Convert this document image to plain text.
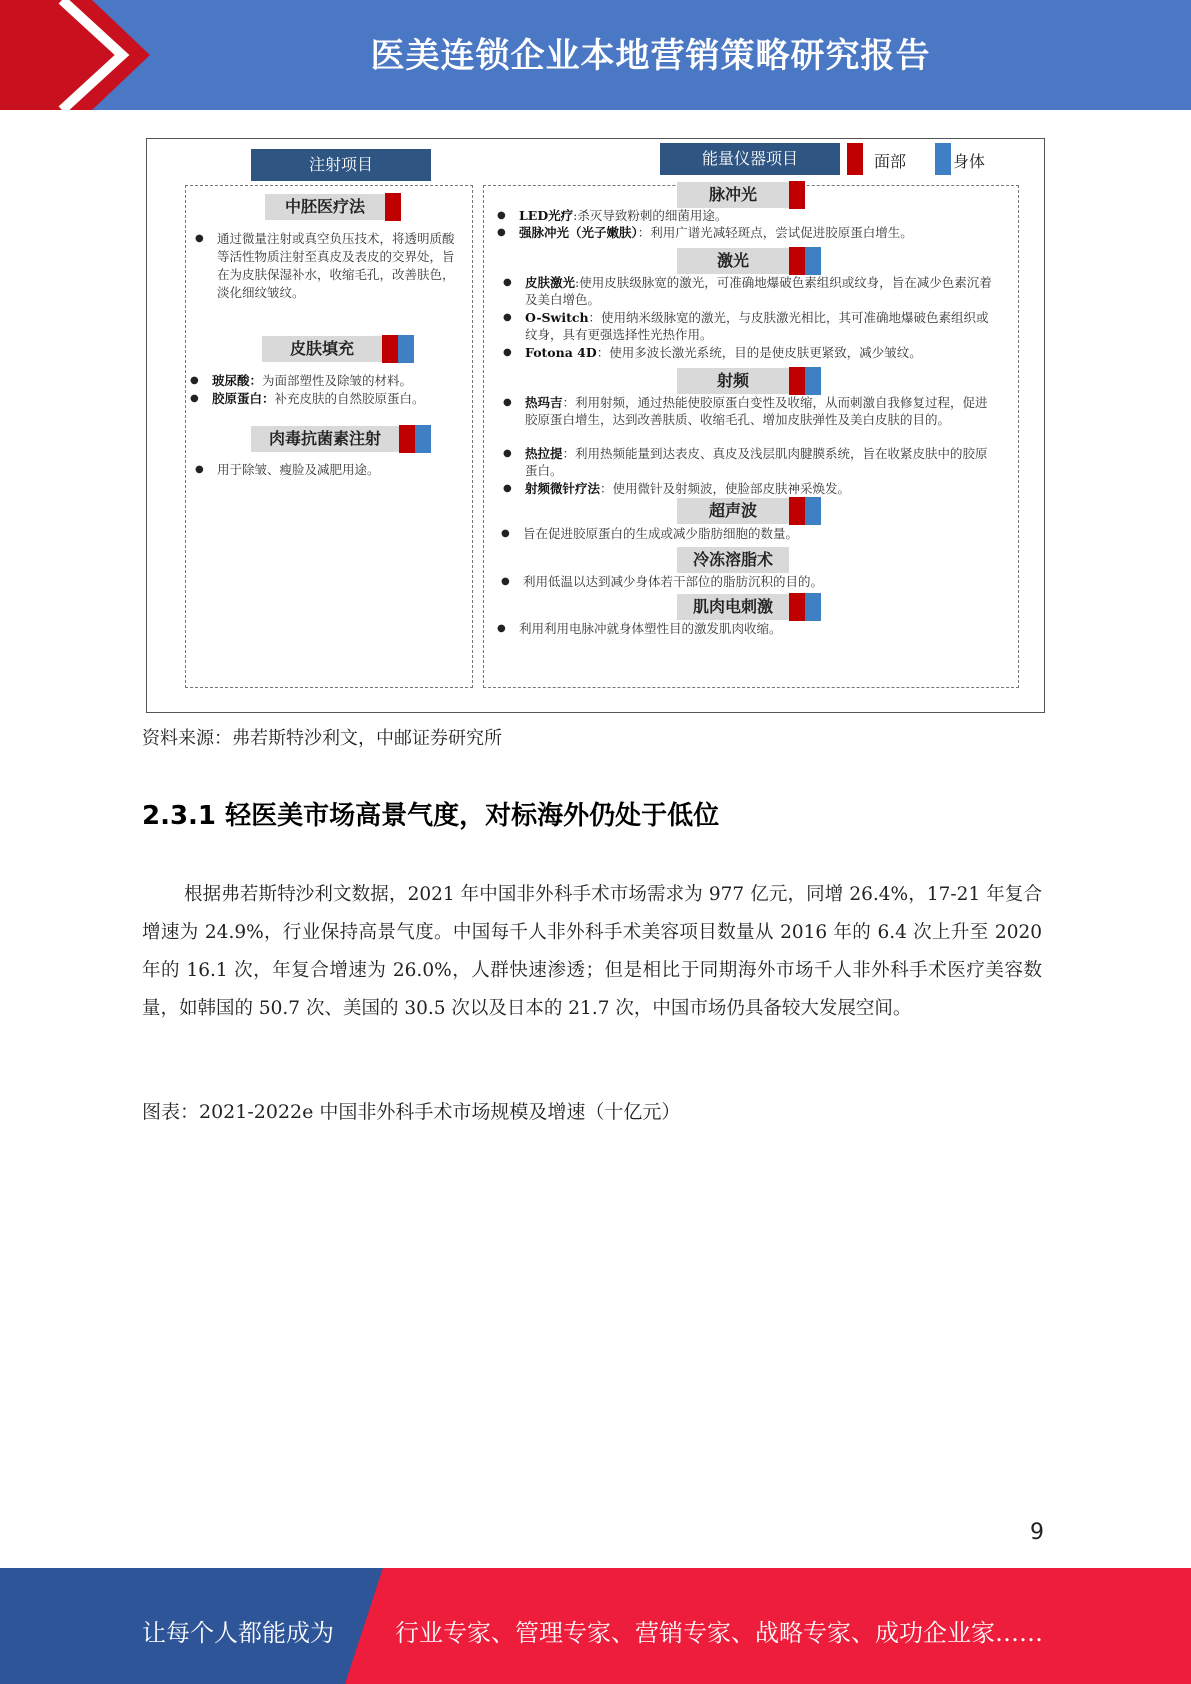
医美连锁企业本地营销策略研究报告
注射项目	能量仪器项目	面部	身体
中胚医疗法
● 通过微量注射或真空负压技术，将透明质酸等活性物质注射至真皮及表皮的交界处，旨在为皮肤保湿补水，收缩毛孔，改善肤色，淡化细纹皱纹。
皮肤填充
● 玻尿酸：为面部塑性及除皱的材料。
● 胶原蛋白：补充皮肤的自然胶原蛋白。
肉毒抗菌素注射
● 用于除皱、瘦脸及减肥用途。
脉冲光
● LED光疗:杀灭导致粉刺的细菌用途。
● 强脉冲光（光子嫩肤）：利用广谱光减轻斑点，尝试促进胶原蛋白增生。
激光
● 皮肤激光:使用皮肤级脉宽的激光，可准确地爆破色素组织或纹身，旨在减少色素沉着及美白增色。
● O-Switch：使用纳米级脉宽的激光，与皮肤激光相比，其可准确地爆破色素组织或纹身，具有更强选择性光热作用。
● Fotona 4D：使用多波长激光系统，目的是使皮肤更紧致，减少皱纹。
射频
● 热玛吉：利用射频，通过热能使胶原蛋白变性及收缩，从而刺激自我修复过程，促进胶原蛋白增生，达到改善肤质、收缩毛孔、增加皮肤弹性及美白皮肤的目的。
● 热拉提：利用热频能量到达表皮、真皮及浅层肌肉腱膜系统，旨在收紧皮肤中的胶原蛋白。
● 射频微针疗法：使用微针及射频波，使脸部皮肤神采焕发。
超声波
● 旨在促进胶原蛋白的生成或减少脂肪细胞的数量。
冷冻溶脂术
● 利用低温以达到减少身体若干部位的脂肪沉积的目的。
肌肉电刺激
● 利用利用电脉冲就身体塑性目的激发肌肉收缩。
资料来源：弗若斯特沙利文，中邮证券研究所
2.3.1 轻医美市场高景气度，对标海外仍处于低位

根据弗若斯特沙利文数据，2021 年中国非外科手术市场需求为 977 亿元，同增 26.4%，17-21 年复合增速为 24.9%，行业保持高景气度。中国每千人非外科手术美容项目数量从 2016 年的 6.4 次上升至 2020 年的 16.1 次，年复合增速为 26.0%，人群快速渗透；但是相比于同期海外市场千人非外科手术医疗美容数量，如韩国的 50.7 次、美国的 30.5 次以及日本的 21.7 次，中国市场仍具备较大发展空间。

图表：2021-2022e 中国非外科手术市场规模及增速（十亿元）
9
让每个人都能成为	行业专家、管理专家、营销专家、战略专家、成功企业家……
